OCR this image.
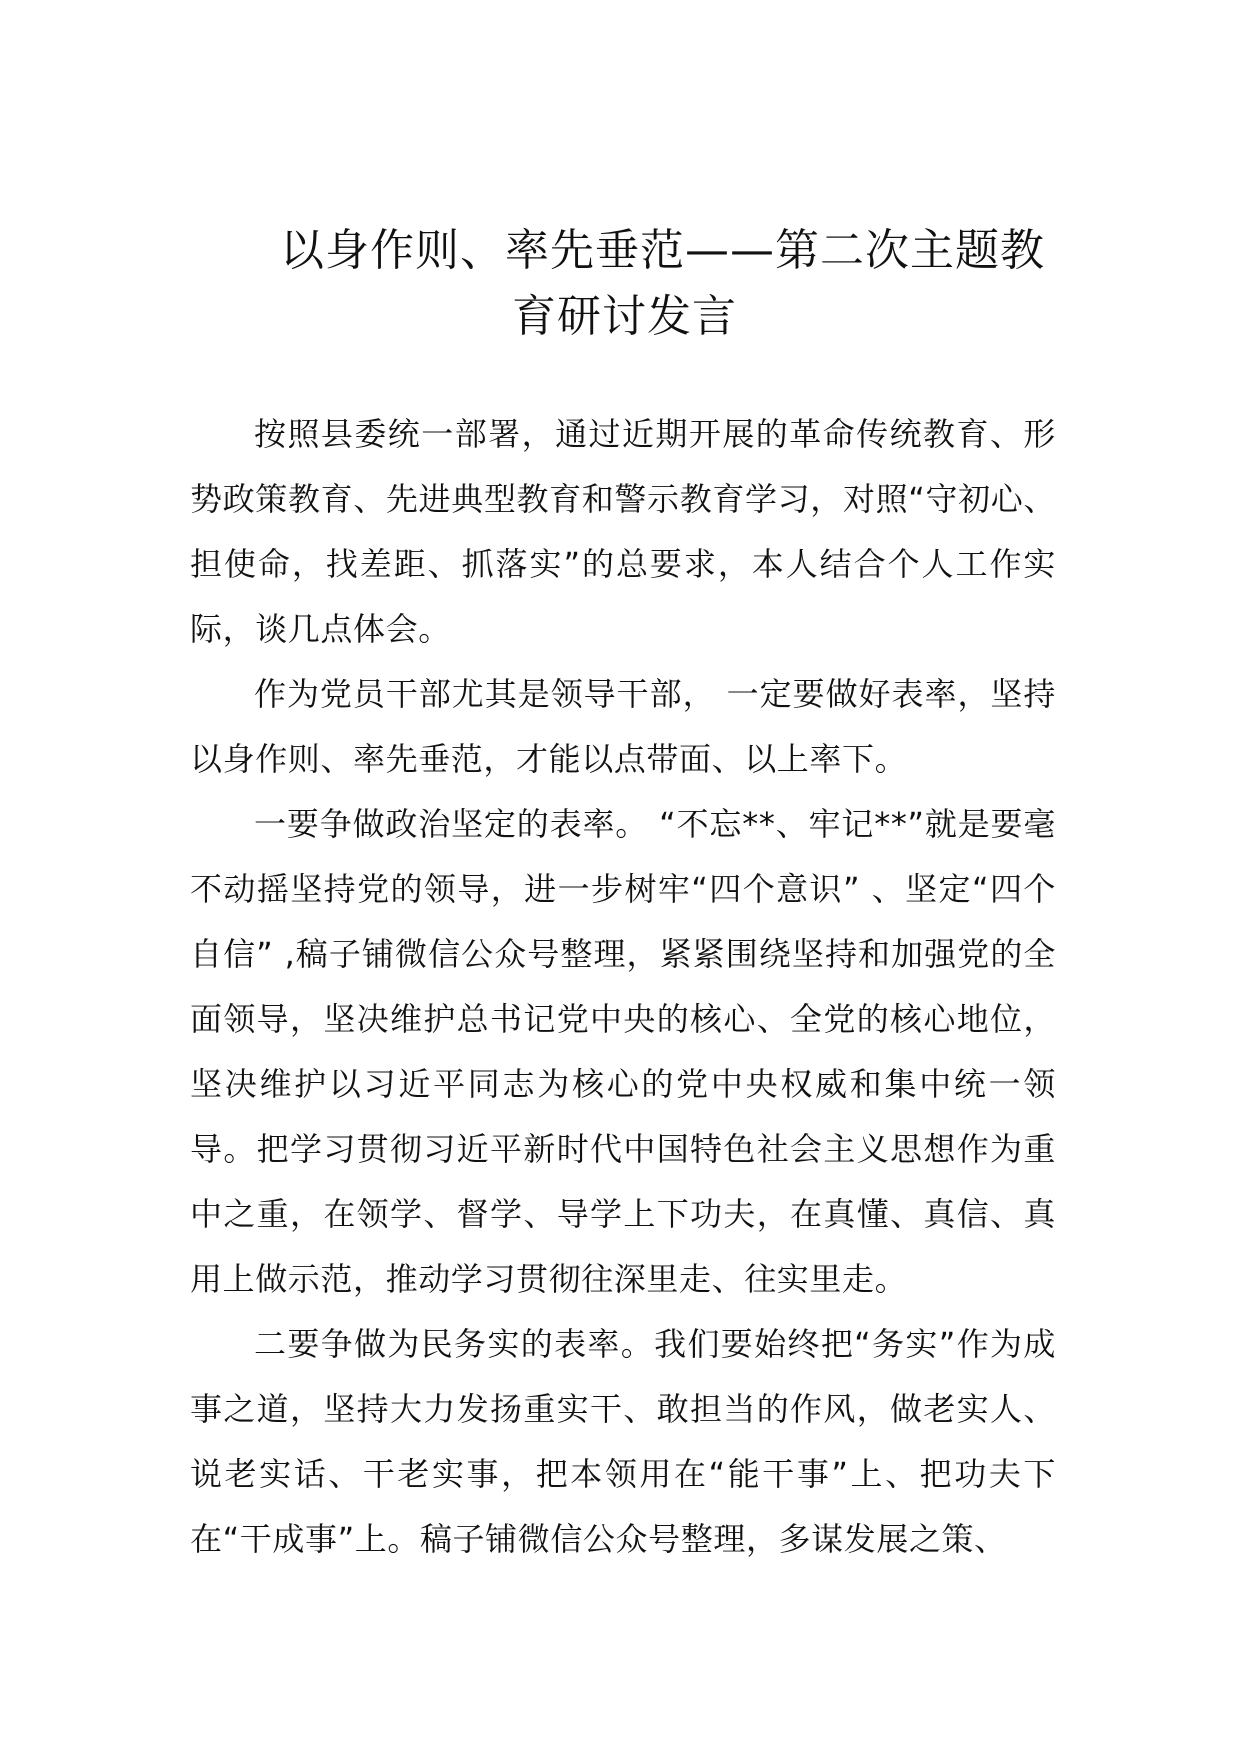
以身作则、率先垂范——第二次主题教
育研讨发言

按照县委统一部署，通过近期开展的革命传统教育、形势政策教育、先进典型教育和警示教育学习，对照“守初心、担使命，找差距、抓落实”的总要求，本人结合个人工作实际，谈几点体会。

作为党员干部尤其是领导干部， 一定要做好表率，坚持以身作则、率先垂范，才能以点带面、以上率下。

一要争做政治坚定的表率。 “不忘**、牢记**”就是要毫不动摇坚持党的领导，进一步树牢“四个意识” 、坚定“四个自信” ,稿子铺微信公众号整理，紧紧围绕坚持和加强党的全面领导，坚决维护总书记党中央的核心、全党的核心地位，坚决维护以习近平同志为核心的党中央权威和集中统一领导。把学习贯彻习近平新时代中国特色社会主义思想作为重中之重，在领学、督学、导学上下功夫，在真懂、真信、真用上做示范，推动学习贯彻往深里走、往实里走。

二要争做为民务实的表率。我们要始终把“务实”作为成事之道，坚持大力发扬重实干、敢担当的作风，做老实人、说老实话、干老实事，把本领用在“能干事”上、把功夫下在“干成事”上。稿子铺微信公众号整理，多谋发展之策、
